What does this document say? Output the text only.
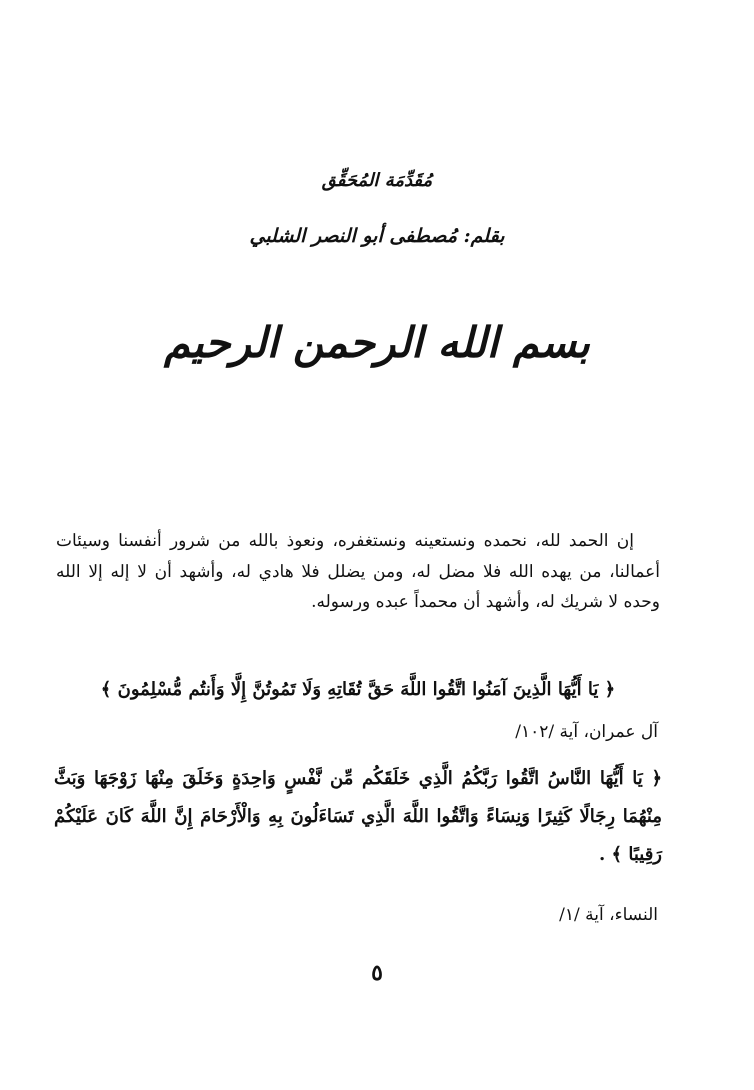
مُقَدِّمَة المُحَقِّق
بقلم: مُصطفى أبو النصر الشلبي
بسم الله الرحمن الرحيم

إن الحمد لله، نحمده ونستعينه ونستغفره، ونعوذ بالله من شرور أنفسنا وسيئات أعمالنا، من يهده الله فلا مضل له، ومن يضلل فلا هادي له، وأشهد أن لا إله إلا الله وحده لا شريك له، وأشهد أن محمداً عبده ورسوله.

﴿ يَا أَيُّهَا الَّذِينَ آمَنُوا اتَّقُوا اللَّهَ حَقَّ تُقَاتِهِ وَلَا تَمُوتُنَّ إِلَّا وَأَنتُم مُّسْلِمُونَ ﴾
آل عمران، آية /١٠٢/
﴿ يَا أَيُّهَا النَّاسُ اتَّقُوا رَبَّكُمُ الَّذِي خَلَقَكُم مِّن نَّفْسٍ وَاحِدَةٍ وَخَلَقَ مِنْهَا زَوْجَهَا وَبَثَّ مِنْهُمَا رِجَالًا كَثِيرًا وَنِسَاءً وَاتَّقُوا اللَّهَ الَّذِي تَسَاءَلُونَ بِهِ وَالْأَرْحَامَ إِنَّ اللَّهَ كَانَ عَلَيْكُمْ رَقِيبًا ﴾ .
النساء، آية /١/
٥
